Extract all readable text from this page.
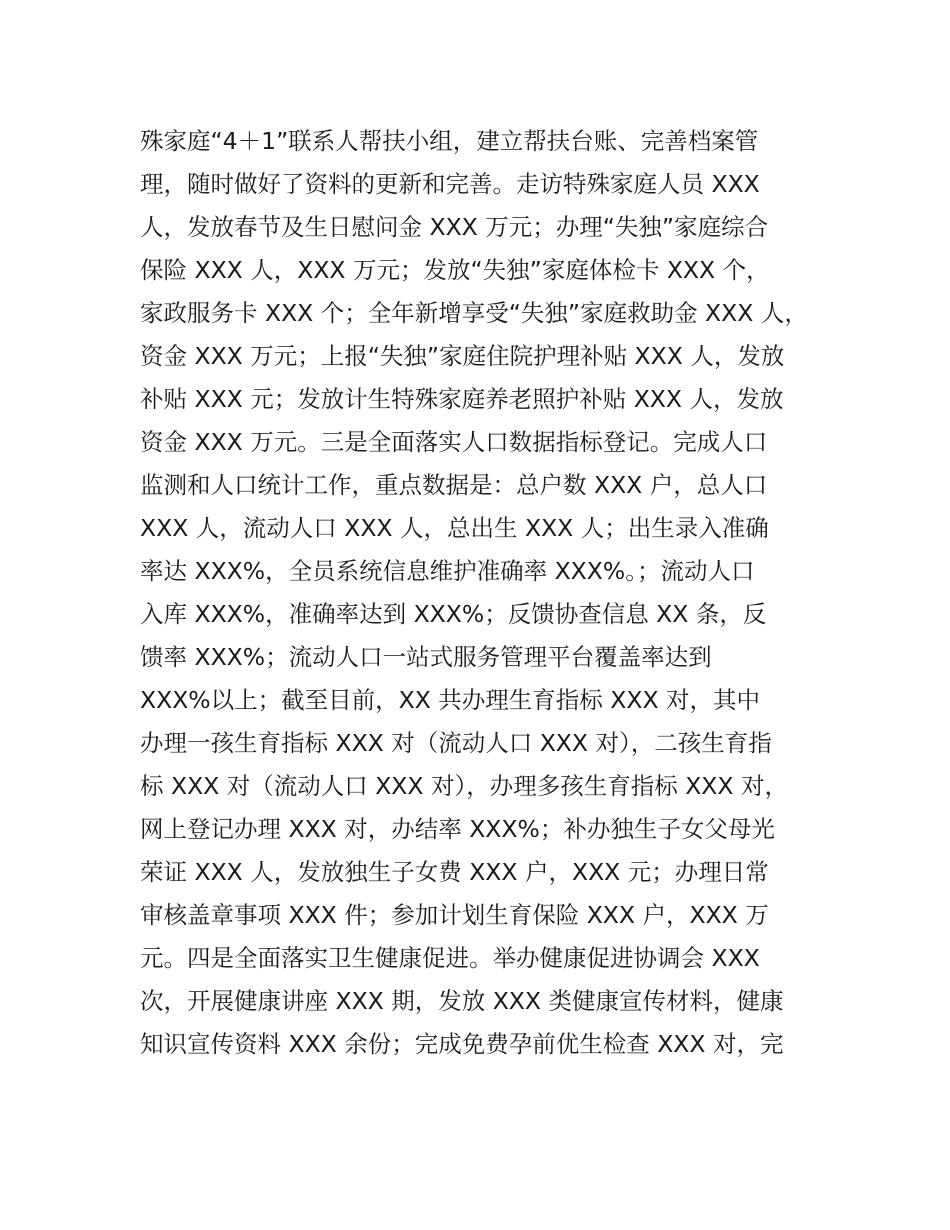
殊家庭“4＋1”联系人帮扶小组，建立帮扶台账、完善档案管
理，随时做好了资料的更新和完善。走访特殊家庭人员 XXX
人，发放春节及生日慰问金 XXX 万元；办理“失独”家庭综合
保险 XXX 人，XXX 万元；发放“失独”家庭体检卡 XXX 个，
家政服务卡 XXX 个；全年新增享受“失独”家庭救助金 XXX 人，
资金 XXX 万元；上报“失独”家庭住院护理补贴 XXX 人，发放
补贴 XXX 元；发放计生特殊家庭养老照护补贴 XXX 人，发放
资金 XXX 万元。三是全面落实人口数据指标登记。完成人口
监测和人口统计工作，重点数据是：总户数 XXX 户，总人口
XXX 人，流动人口 XXX 人，总出生 XXX 人；出生录入准确
率达 XXX%，全员系统信息维护准确率 XXX%。；流动人口
入库 XXX%，准确率达到 XXX%；反馈协查信息 XX 条，反
馈率 XXX%；流动人口一站式服务管理平台覆盖率达到
XXX%以上；截至目前，XX 共办理生育指标 XXX 对，其中
办理一孩生育指标 XXX 对（流动人口 XXX 对），二孩生育指
标 XXX 对（流动人口 XXX 对），办理多孩生育指标 XXX 对，
网上登记办理 XXX 对，办结率 XXX%；补办独生子女父母光
荣证 XXX 人，发放独生子女费 XXX 户，XXX 元；办理日常
审核盖章事项 XXX 件；参加计划生育保险 XXX 户，XXX 万
元。四是全面落实卫生健康促进。举办健康促进协调会 XXX
次，开展健康讲座 XXX 期，发放 XXX 类健康宣传材料，健康
知识宣传资料 XXX 余份；完成免费孕前优生检查 XXX 对，完
